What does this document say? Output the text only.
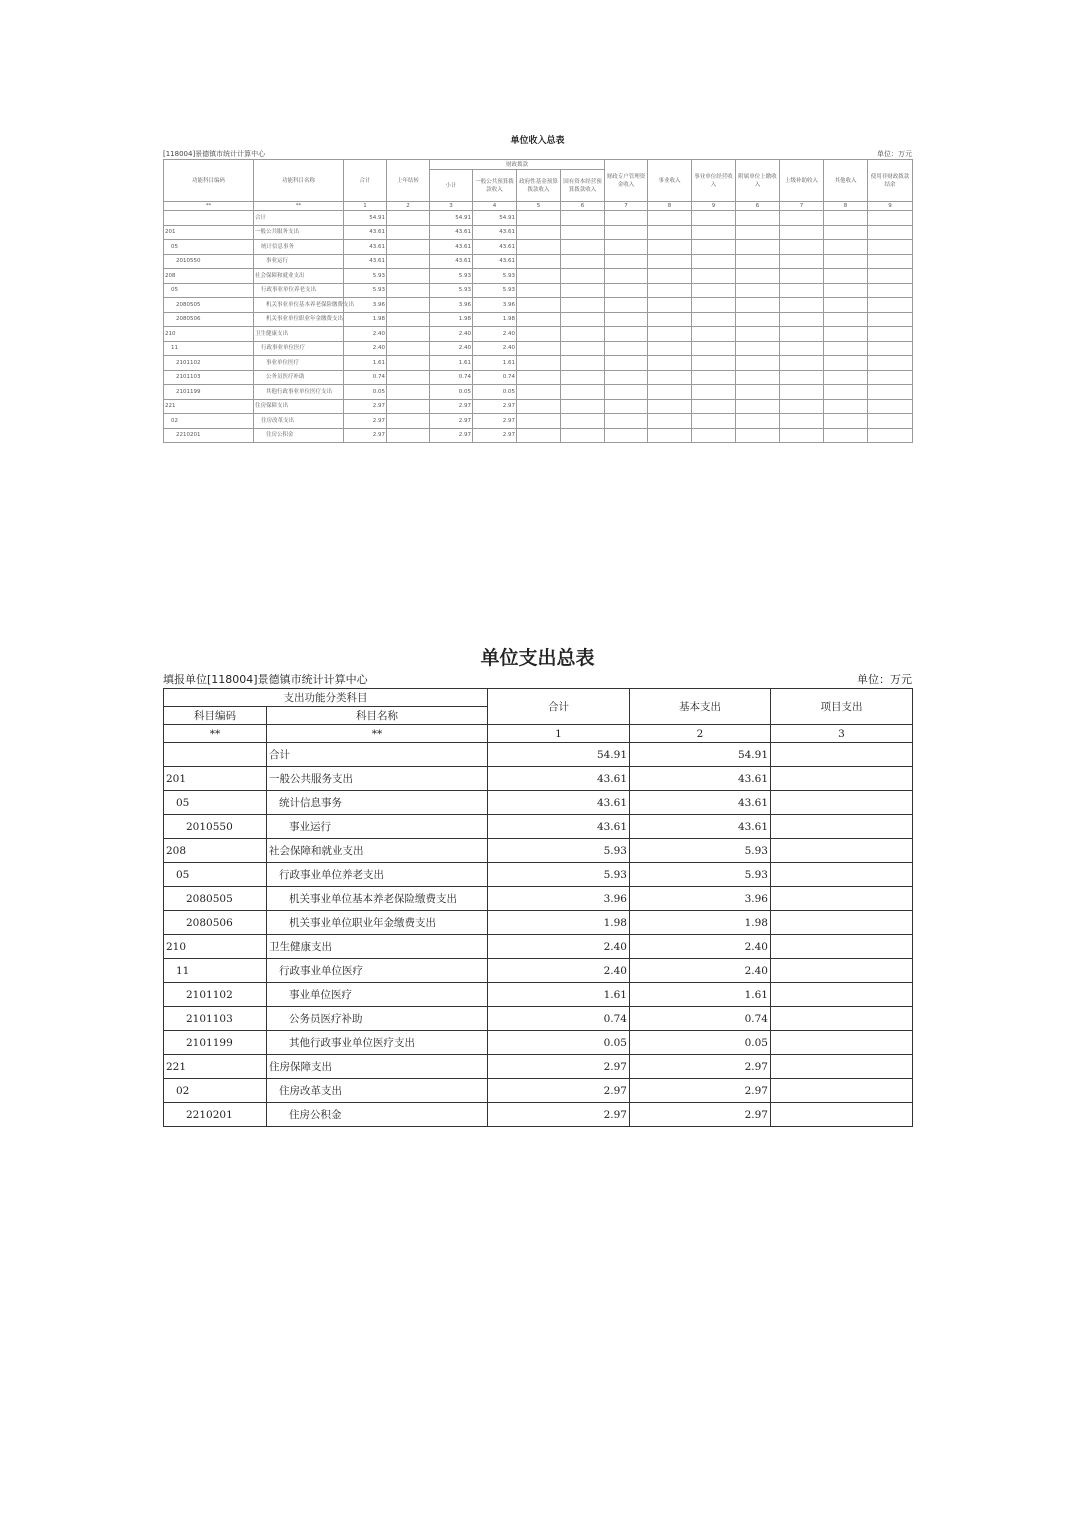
单位收入总表
[118004]景德镇市统计计算中心	单位：万元
功能科目编码	功能科目名称	合计	上年结转	财政拨款				财政专户管理资金收入	事业收入	事业单位经营收入	附属单位上缴收入	上级补助收入	其他收入	使用非财政拨款结余
				小计	一般公共预算拨款收入	政府性基金预算拨款收入	国有资本经营预算拨款收入							
**	**	1	2	3	4	5	6	7	8	9	6	7	8	9
	合计	54.91		54.91	54.91									
201	一般公共服务支出	43.61		43.61	43.61									
05	统计信息事务	43.61		43.61	43.61									
2010550	事业运行	43.61		43.61	43.61									
208	社会保障和就业支出	5.93		5.93	5.93									
05	行政事业单位养老支出	5.93		5.93	5.93									
2080505	机关事业单位基本养老保险缴费支出	3.96		3.96	3.96									
2080506	机关事业单位职业年金缴费支出	1.98		1.98	1.98									
210	卫生健康支出	2.40		2.40	2.40									
11	行政事业单位医疗	2.40		2.40	2.40									
2101102	事业单位医疗	1.61		1.61	1.61									
2101103	公务员医疗补助	0.74		0.74	0.74									
2101199	其他行政事业单位医疗支出	0.05		0.05	0.05									
221	住房保障支出	2.97		2.97	2.97									
02	住房改革支出	2.97		2.97	2.97									
2210201	住房公积金	2.97		2.97	2.97									
单位支出总表
填报单位[118004]景德镇市统计计算中心	单位：万元
支出功能分类科目		合计	基本支出	项目支出
科目编码	科目名称			
**	**	1	2	3
	合计	54.91	54.91	
201	一般公共服务支出	43.61	43.61	
05	统计信息事务	43.61	43.61	
2010550	事业运行	43.61	43.61	
208	社会保障和就业支出	5.93	5.93	
05	行政事业单位养老支出	5.93	5.93	
2080505	机关事业单位基本养老保险缴费支出	3.96	3.96	
2080506	机关事业单位职业年金缴费支出	1.98	1.98	
210	卫生健康支出	2.40	2.40	
11	行政事业单位医疗	2.40	2.40	
2101102	事业单位医疗	1.61	1.61	
2101103	公务员医疗补助	0.74	0.74	
2101199	其他行政事业单位医疗支出	0.05	0.05	
221	住房保障支出	2.97	2.97	
02	住房改革支出	2.97	2.97	
2210201	住房公积金	2.97	2.97	
